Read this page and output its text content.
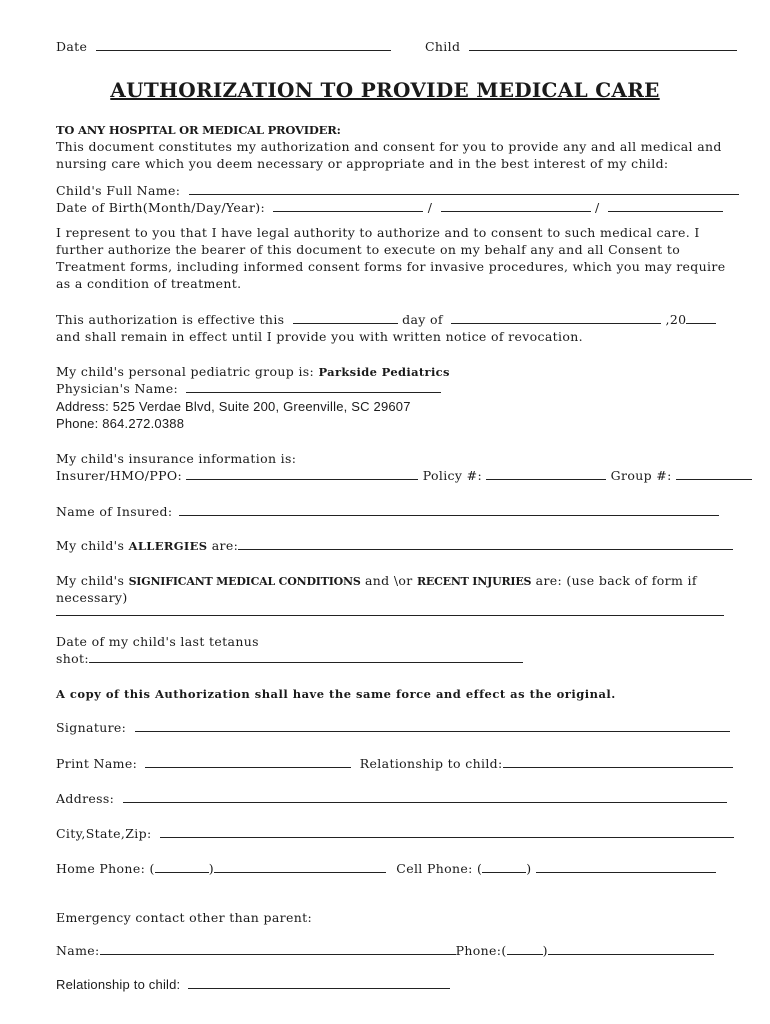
Date	Child
AUTHORIZATION TO PROVIDE MEDICAL CARE
TO ANY HOSPITAL OR MEDICAL PROVIDER:
This document constitutes my authorization and consent for you to provide any and all medical and
nursing care which you deem necessary or appropriate and in the best interest of my child:
Child's Full Name:
Date of Birth(Month/Day/Year):	/	/
I represent to you that I have legal authority to authorize and to consent to such medical care. I
further authorize the bearer of this document to execute on my behalf any and all Consent to
Treatment forms, including informed consent forms for invasive procedures, which you may require
as a condition of treatment.
This authorization is effective this	day of	,20
and shall remain in effect until I provide you with written notice of revocation.
My child's personal pediatric group is: Parkside Pediatrics
Physician's Name:
Address: 525 Verdae Blvd, Suite 200, Greenville, SC 29607
Phone: 864.272.0388
My child's insurance information is:
Insurer/HMO/PPO:	Policy #:	Group #:
Name of Insured:
My child's ALLERGIES are:
My child's SIGNIFICANT MEDICAL CONDITIONS and \or RECENT INJURIES are: (use back of form if
necessary)
Date of my child's last tetanus
shot:
A copy of this Authorization shall have the same force and effect as the original.
Signature:
Print Name:	Relationship to child:
Address:
City,State,Zip:
Home Phone: (	)	Cell Phone: (	)
Emergency contact other than parent:
Name:	Phone:(	)
Relationship to child:
